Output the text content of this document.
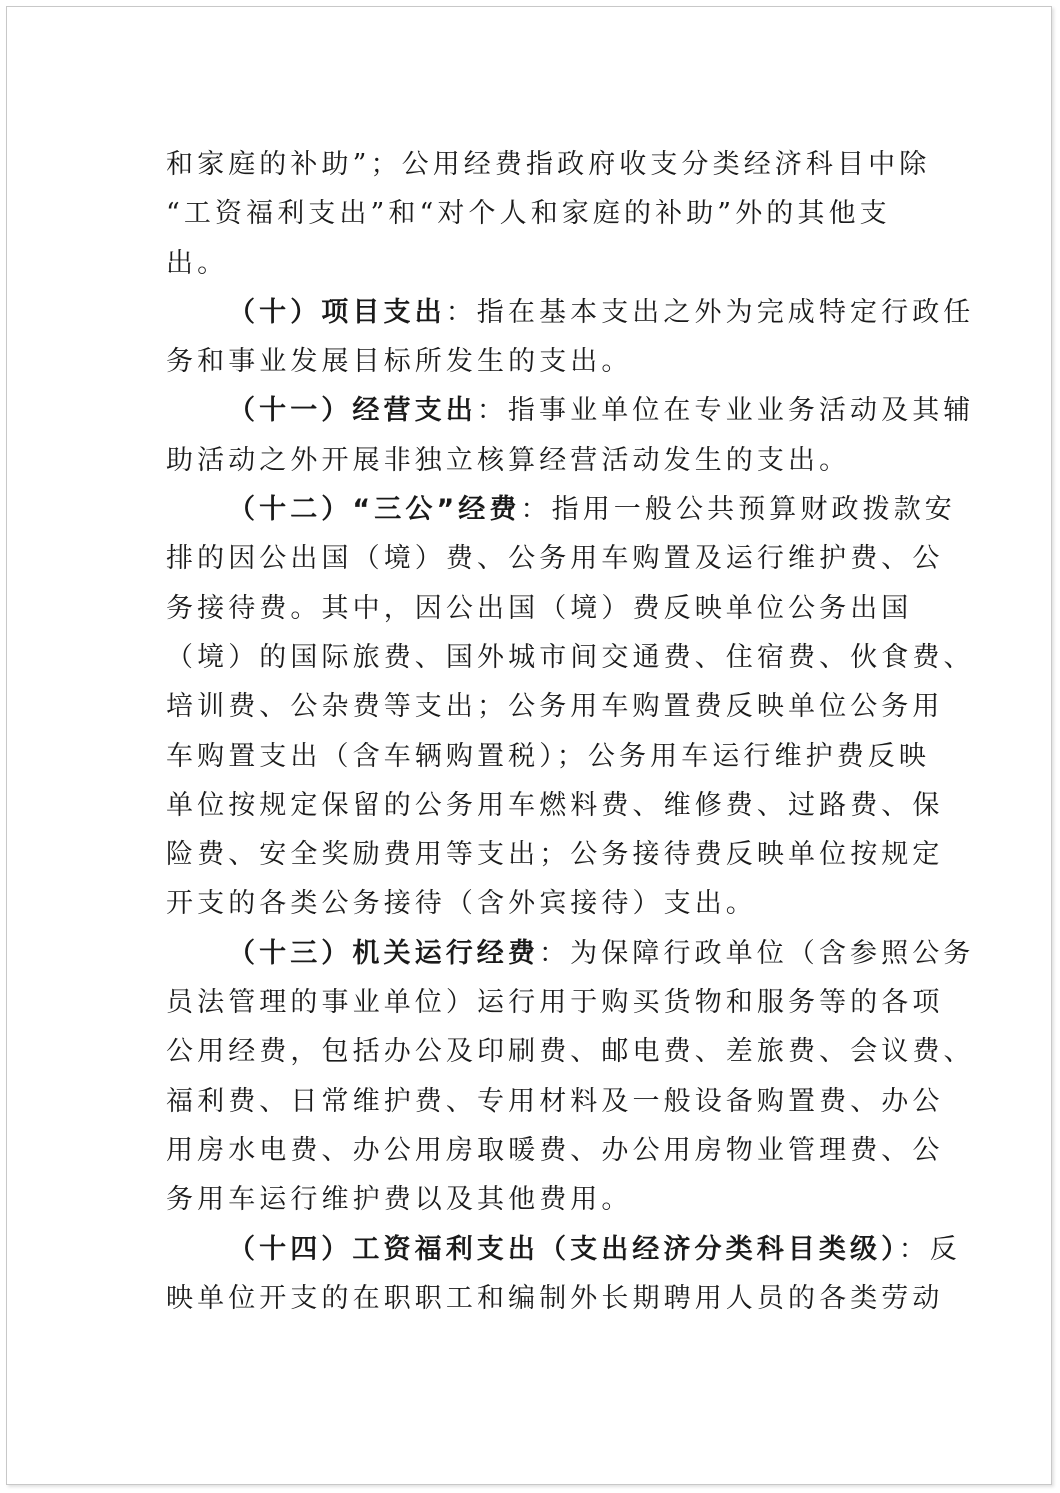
和家庭的补助”；公用经费指政府收支分类经济科目中除
“工资福利支出”和“对个人和家庭的补助”外的其他支
出。
（十）项目支出：指在基本支出之外为完成特定行政任
务和事业发展目标所发生的支出。
（十一）经营支出：指事业单位在专业业务活动及其辅
助活动之外开展非独立核算经营活动发生的支出。
（十二）“三公”经费：指用一般公共预算财政拨款安
排的因公出国（境）费、公务用车购置及运行维护费、公
务接待费。其中，因公出国（境）费反映单位公务出国
（境）的国际旅费、国外城市间交通费、住宿费、伙食费、
培训费、公杂费等支出；公务用车购置费反映单位公务用
车购置支出（含车辆购置税）；公务用车运行维护费反映
单位按规定保留的公务用车燃料费、维修费、过路费、保
险费、安全奖励费用等支出；公务接待费反映单位按规定
开支的各类公务接待（含外宾接待）支出。
（十三）机关运行经费：为保障行政单位（含参照公务
员法管理的事业单位）运行用于购买货物和服务等的各项
公用经费，包括办公及印刷费、邮电费、差旅费、会议费、
福利费、日常维护费、专用材料及一般设备购置费、办公
用房水电费、办公用房取暖费、办公用房物业管理费、公
务用车运行维护费以及其他费用。
（十四）工资福利支出（支出经济分类科目类级）：反
映单位开支的在职职工和编制外长期聘用人员的各类劳动
